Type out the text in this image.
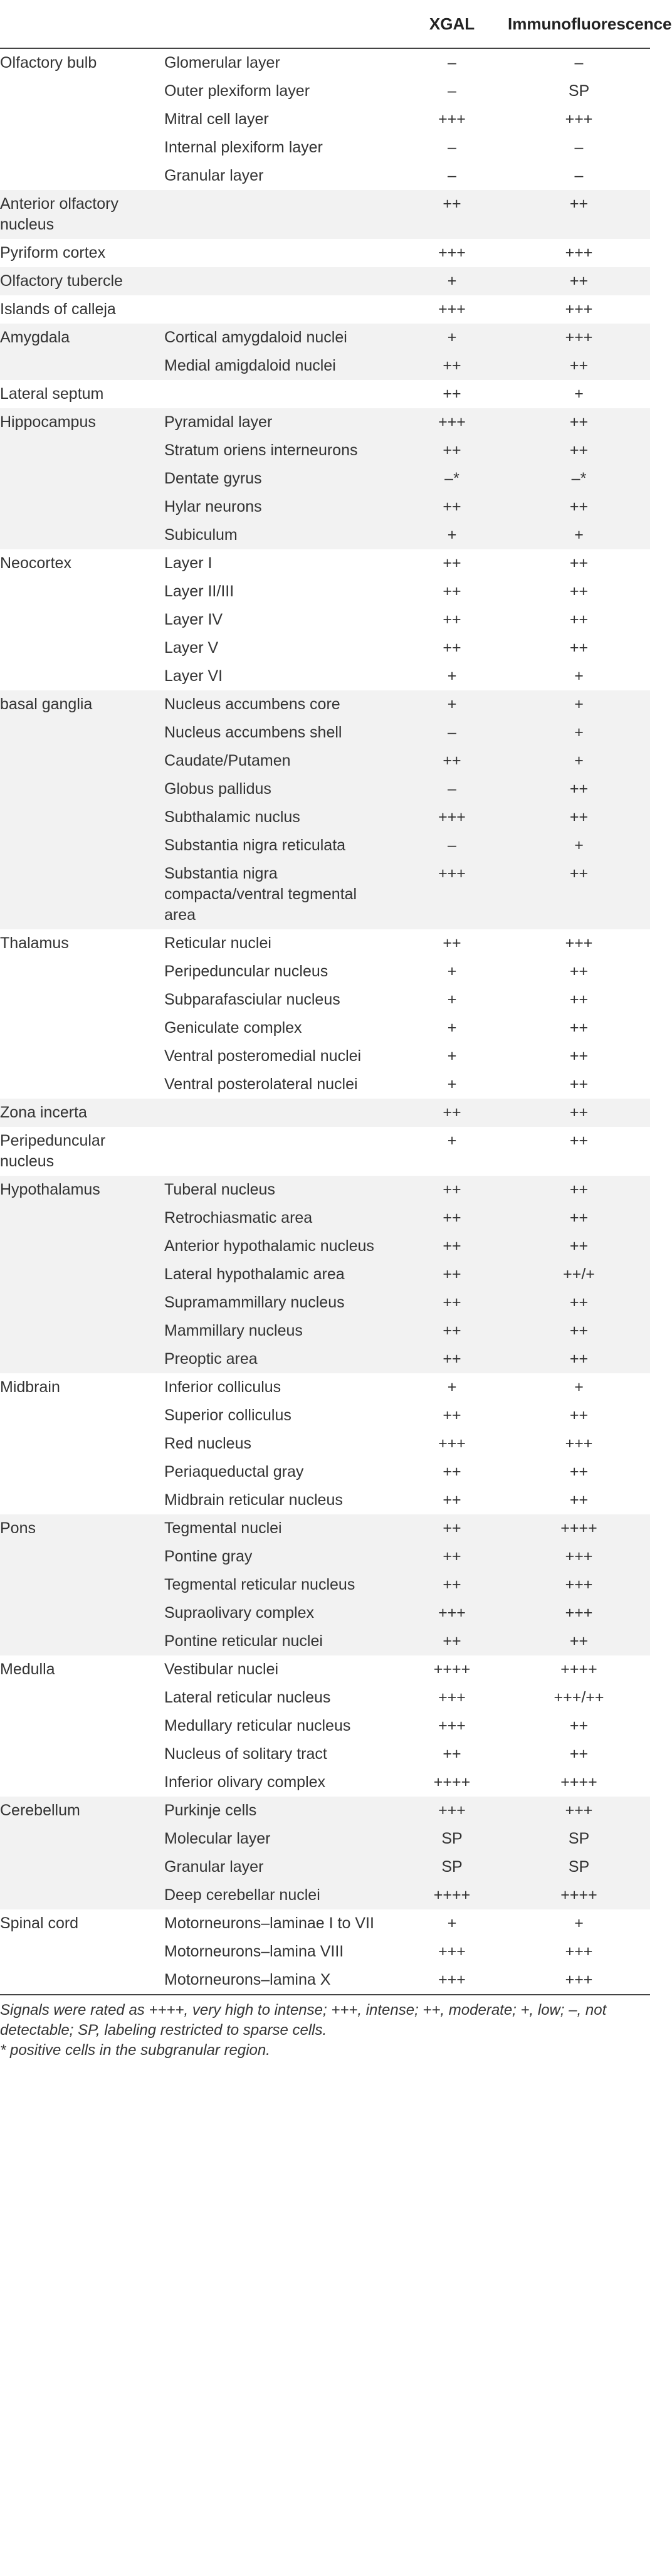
		XGAL	Immunofluorescence
Olfactory bulb	Glomerular layer	–	–
	Outer plexiform layer	–	SP
	Mitral cell layer	+++	+++
	Internal plexiform layer	–	–
	Granular layer	–	–
Anterior olfactory nucleus		++	++
Pyriform cortex		+++	+++
Olfactory tubercle		+	++
Islands of calleja		+++	+++
Amygdala	Cortical amygdaloid nuclei	+	+++
	Medial amigdaloid nuclei	++	++
Lateral septum		++	+
Hippocampus	Pyramidal layer	+++	++
	Stratum oriens interneurons	++	++
	Dentate gyrus	–*	–*
	Hylar neurons	++	++
	Subiculum	+	+
Neocortex	Layer I	++	++
	Layer II/III	++	++
	Layer IV	++	++
	Layer V	++	++
	Layer VI	+	+
basal ganglia	Nucleus accumbens core	+	+
	Nucleus accumbens shell	–	+
	Caudate/Putamen	++	+
	Globus pallidus	–	++
	Subthalamic nuclus	+++	++
	Substantia nigra reticulata	–	+
	Substantia nigra compacta/ventral tegmental area	+++	++
Thalamus	Reticular nuclei	++	+++
	Peripeduncular nucleus	+	++
	Subparafasciular nucleus	+	++
	Geniculate complex	+	++
	Ventral posteromedial nuclei	+	++
	Ventral posterolateral nuclei	+	++
Zona incerta		++	++
Peripeduncular nucleus		+	++
Hypothalamus	Tuberal nucleus	++	++
	Retrochiasmatic area	++	++
	Anterior hypothalamic nucleus	++	++
	Lateral hypothalamic area	++	++/+
	Supramammillary nucleus	++	++
	Mammillary nucleus	++	++
	Preoptic area	++	++
Midbrain	Inferior colliculus	+	+
	Superior colliculus	++	++
	Red nucleus	+++	+++
	Periaqueductal gray	++	++
	Midbrain reticular nucleus	++	++
Pons	Tegmental nuclei	++	++++
	Pontine gray	++	+++
	Tegmental reticular nucleus	++	+++
	Supraolivary complex	+++	+++
	Pontine reticular nuclei	++	++
Medulla	Vestibular nuclei	++++	++++
	Lateral reticular nucleus	+++	+++/++
	Medullary reticular nucleus	+++	++
	Nucleus of solitary tract	++	++
	Inferior olivary complex	++++	++++
Cerebellum	Purkinje cells	+++	+++
	Molecular layer	SP	SP
	Granular layer	SP	SP
	Deep cerebellar nuclei	++++	++++
Spinal cord	Motorneurons–laminae I to VII	+	+
	Motorneurons–lamina VIII	+++	+++
	Motorneurons–lamina X	+++	+++
Signals were rated as ++++, very high to intense; +++, intense; ++, moderate; +, low; –, not detectable; SP, labeling restricted to sparse cells.
* positive cells in the subgranular region.
